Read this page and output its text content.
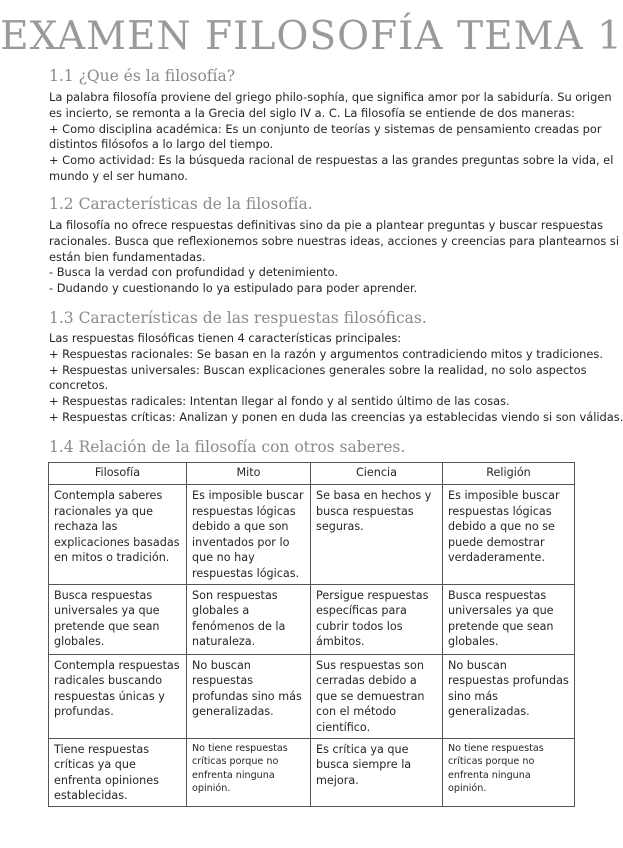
EXAMEN FILOSOFÍA TEMA 1
1.1 ¿Que és la filosofía?
La palabra filosofía proviene del griego philo-sophía, que significa amor por la sabiduría. Su origen
es incierto, se remonta a la Grecia del siglo IV a. C. La filosofía se entiende de dos maneras:
+ Como disciplina académica: Es un conjunto de teorías y sistemas de pensamiento creadas por
distintos filósofos a lo largo del tiempo.
+ Como actividad: Es la búsqueda racional de respuestas a las grandes preguntas sobre la vida, el
mundo y el ser humano.
1.2 Características de la filosofía.
La filosofía no ofrece respuestas definitivas sino da pie a plantear preguntas y buscar respuestas
racionales. Busca que reflexionemos sobre nuestras ideas, acciones y creencias para plantearnos si
están bien fundamentadas.
- Busca la verdad con profundidad y detenimiento.
- Dudando y cuestionando lo ya estipulado para poder aprender.
1.3 Características de las respuestas filosóficas.
Las respuestas filosóficas tienen 4 características principales:
+ Respuestas racionales: Se basan en la razón y argumentos contradiciendo mitos y tradiciones.
+ Respuestas universales: Buscan explicaciones generales sobre la realidad, no solo aspectos
concretos.
+ Respuestas radicales: Intentan llegar al fondo y al sentido último de las cosas.
+ Respuestas críticas: Analizan y ponen en duda las creencias ya establecidas viendo si son válidas.
1.4 Relación de la filosofía con otros saberes.
Filosofía	Mito	Ciencia	Religión
Contempla saberes racionales ya que rechaza las explicaciones basadas en mitos o tradición.	Es imposible buscar respuestas lógicas debido a que son inventados por lo que no hay respuestas lógicas.	Se basa en hechos y busca respuestas seguras.	Es imposible buscar respuestas lógicas debido a que no se puede demostrar verdaderamente.
Busca respuestas universales ya que pretende que sean globales.	Son respuestas globales a fenómenos de la naturaleza.	Persigue respuestas específicas para cubrir todos los ámbitos.	Busca respuestas universales ya que pretende que sean globales.
Contempla respuestas radicales buscando respuestas únicas y profundas.	No buscan respuestas profundas sino más generalizadas.	Sus respuestas son cerradas debido a que se demuestran con el método científico.	No buscan respuestas profundas sino más generalizadas.
Tiene respuestas críticas ya que enfrenta opiniones establecidas.	No tiene respuestas críticas porque no enfrenta ninguna opinión.	Es crítica ya que busca siempre la mejora.	No tiene respuestas críticas porque no enfrenta ninguna opinión.
